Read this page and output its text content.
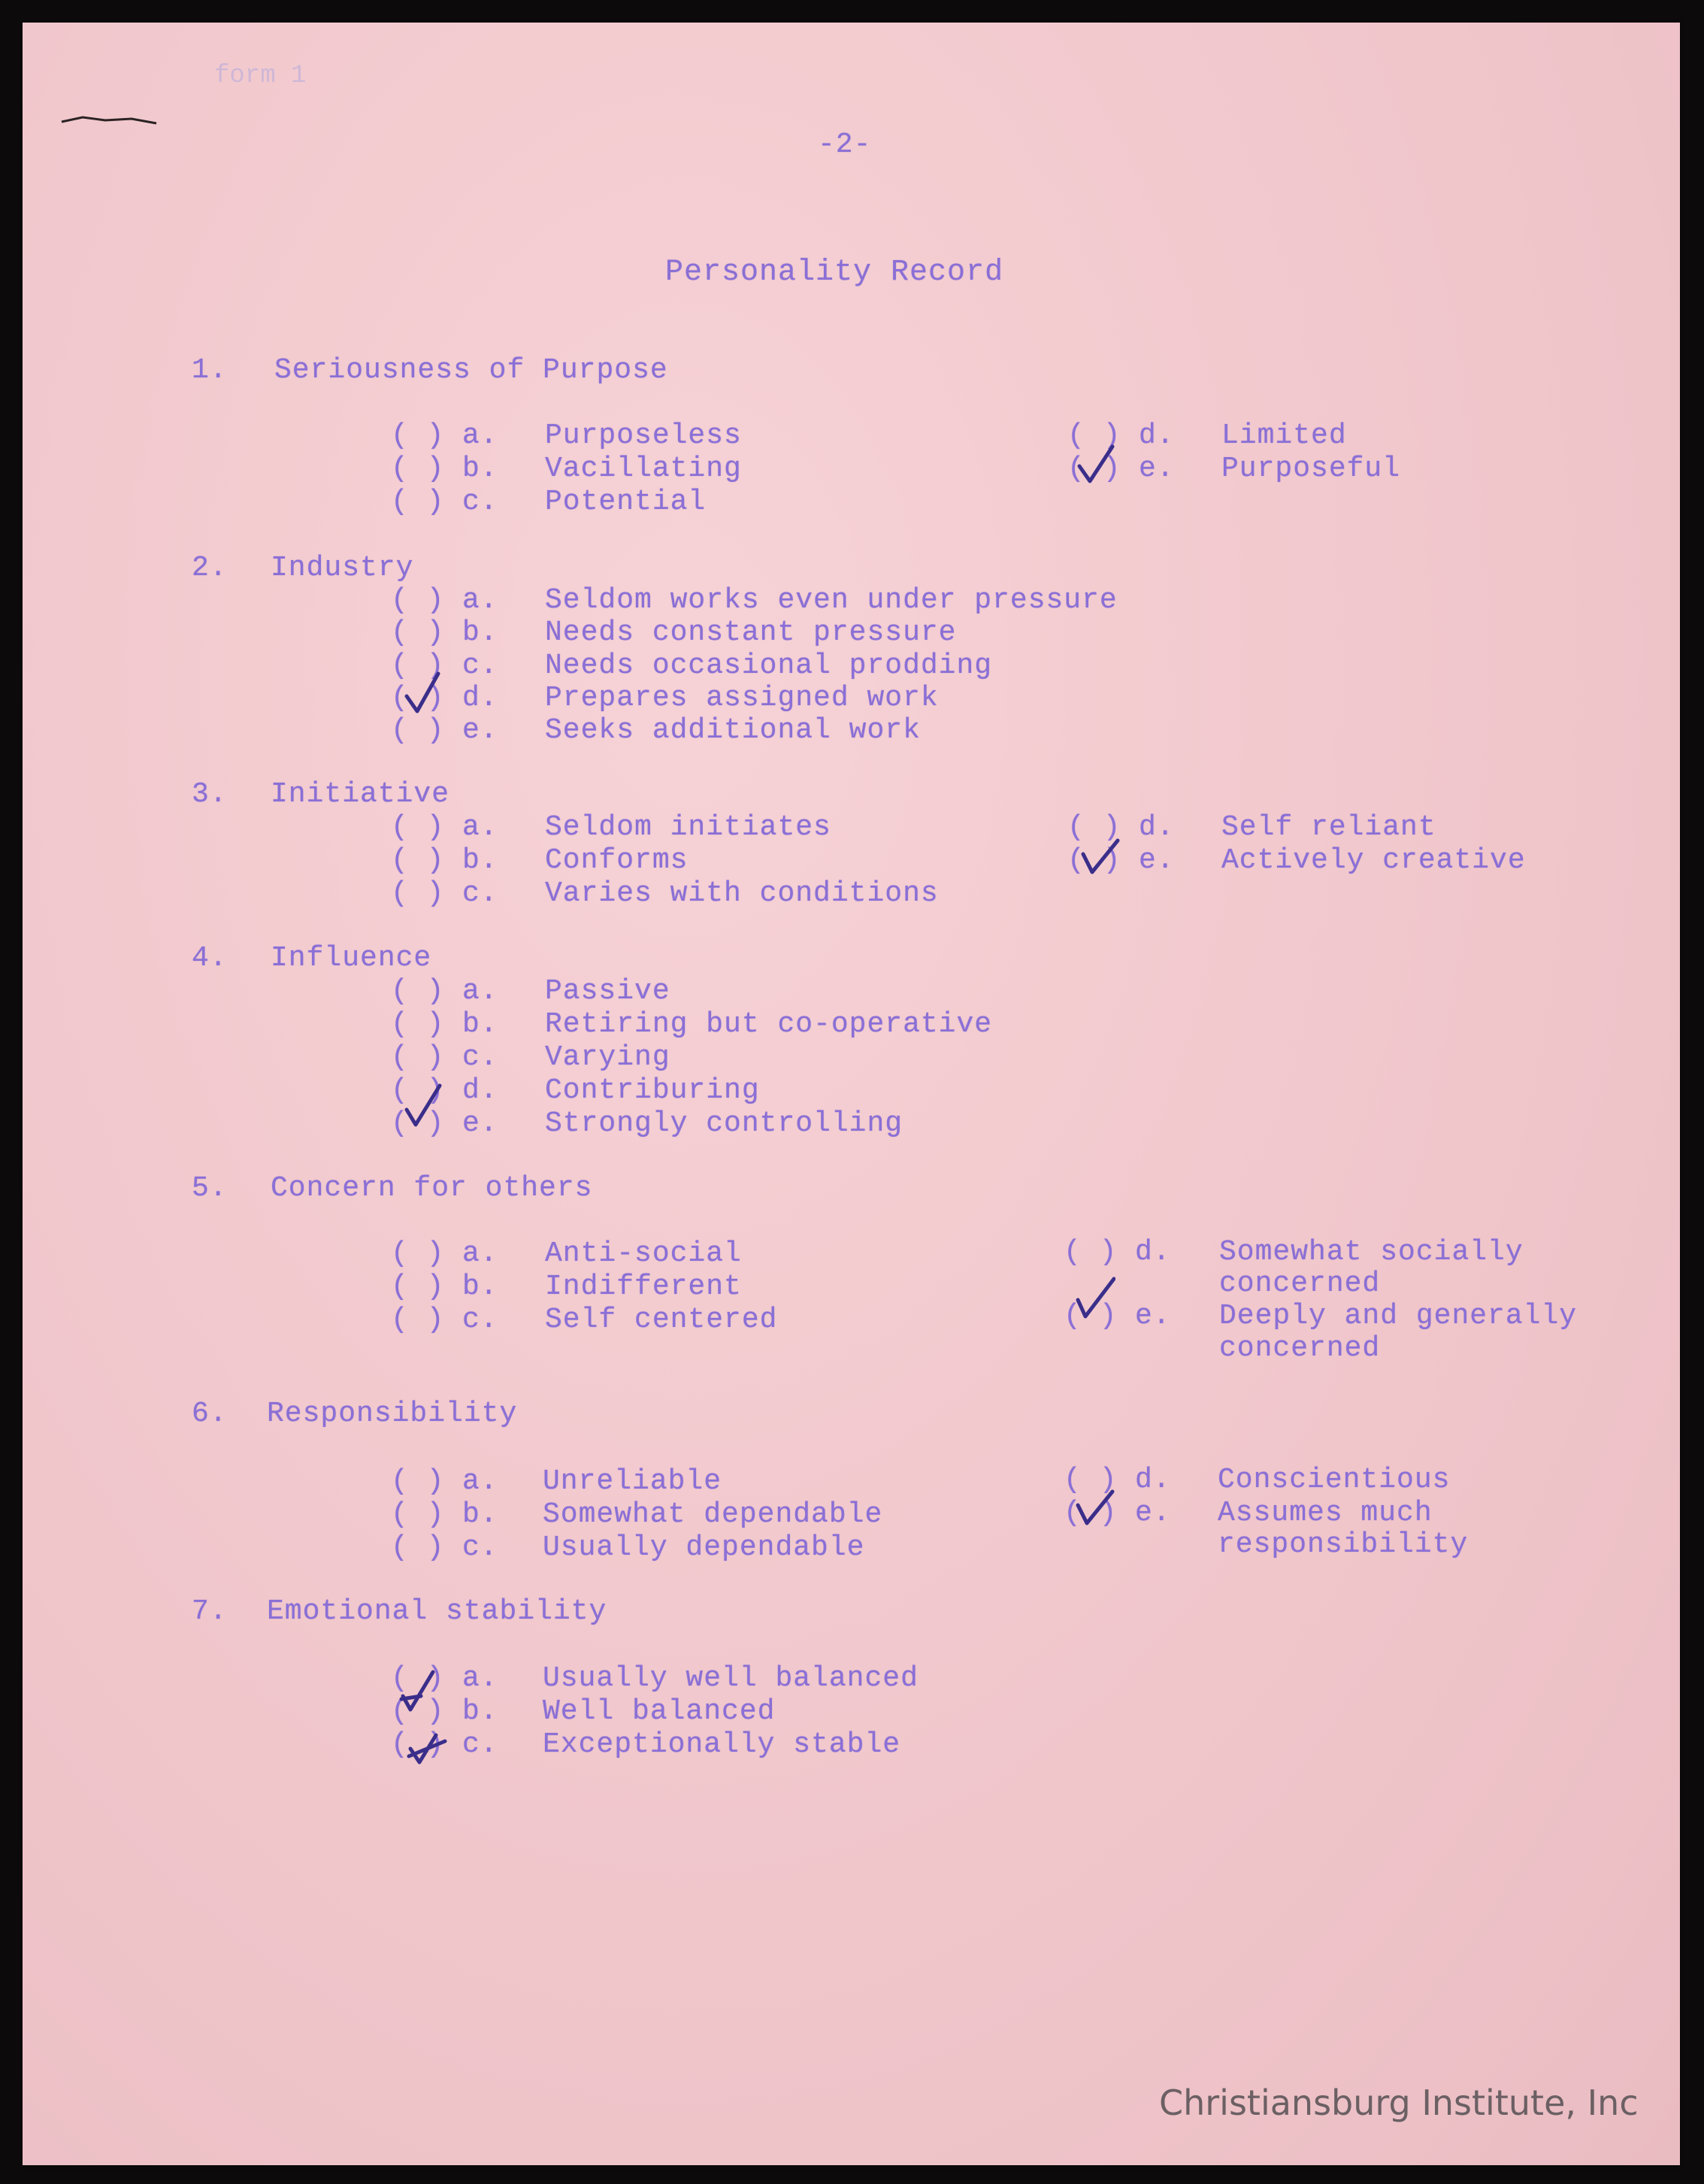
form 1
-2-
Personality Record
1. Seriousness of Purpose
( ) a. Purposeless
( ) b. Vacillating
( ) c. Potential
( ) d. Limited
( ) e. Purposeful
2. Industry
( ) a. Seldom works even under pressure
( ) b. Needs constant pressure
( ) c. Needs occasional prodding
( ) d. Prepares assigned work
( ) e. Seeks additional work
3. Initiative
( ) a. Seldom initiates
( ) b. Conforms
( ) c. Varies with conditions
( ) d. Self reliant
( ) e. Actively creative
4. Influence
( ) a. Passive
( ) b. Retiring but co-operative
( ) c. Varying
( ) d. Contriburing
( ) e. Strongly controlling
5. Concern for others
( ) a. Anti-social
( ) b. Indifferent
( ) c. Self centered
( ) d. Somewhat socially
concerned
( ) e. Deeply and generally
concerned
6. Responsibility
( ) a. Unreliable
( ) b. Somewhat dependable
( ) c. Usually dependable
( ) d. Conscientious
( ) e. Assumes much
responsibility
7. Emotional stability
( ) a. Usually well balanced
( ) b. Well balanced
( ) c. Exceptionally stable
Christiansburg Institute, Inc
